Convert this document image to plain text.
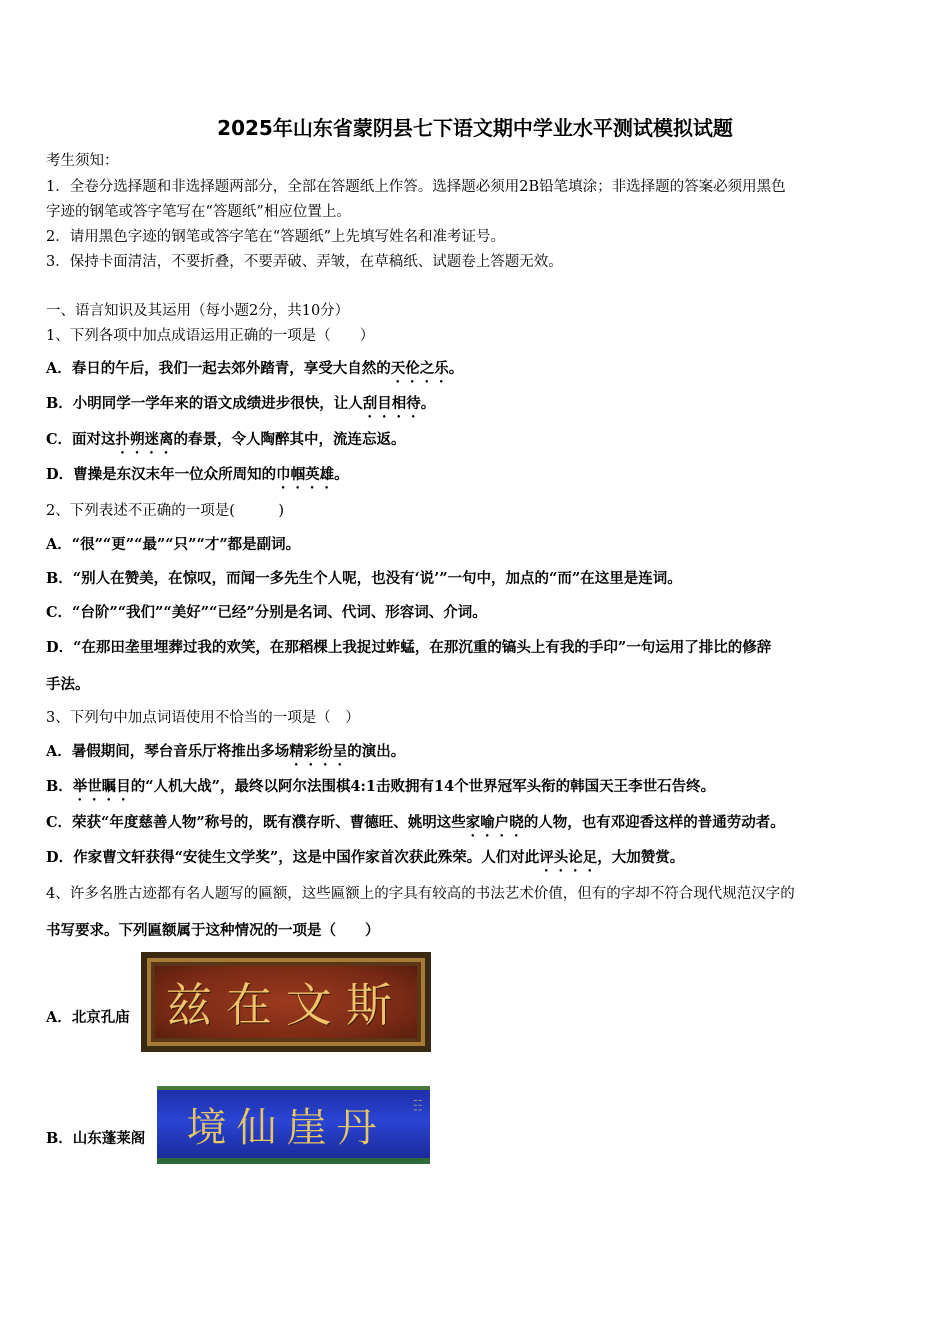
2025年山东省蒙阴县七下语文期中学业水平测试模拟试题
考生须知：
1．全卷分选择题和非选择题两部分，全部在答题纸上作答。选择题必须用2B铅笔填涂；非选择题的答案必须用黑色
字迹的钢笔或答字笔写在“答题纸”相应位置上。
2．请用黑色字迹的钢笔或答字笔在“答题纸”上先填写姓名和准考证号。
3．保持卡面清洁，不要折叠，不要弄破、弄皱，在草稿纸、试题卷上答题无效。
一、语言知识及其运用（每小题2分，共10分）
1、下列各项中加点成语运用正确的一项是（　　）
A．春日的午后，我们一起去郊外踏青，享受大自然的天伦之乐。
B．小明同学一学年来的语文成绩进步很快，让人刮目相待。
C．面对这扑朔迷离的春景，令人陶醉其中，流连忘返。
D．曹操是东汉末年一位众所周知的巾帼英雄。
2、下列表述不正确的一项是(　　　)
A．“很”“更”“最”“只”“才”都是副词。
B．“别人在赞美，在惊叹，而闻一多先生个人呢，也没有‘说’”一句中，加点的“而”在这里是连词。
C．“台阶”“我们”“美好”“已经”分别是名词、代词、形容词、介词。
D．“在那田垄里埋葬过我的欢笑，在那稻棵上我捉过蚱蜢，在那沉重的镐头上有我的手印”一句运用了排比的修辞
手法。
3、下列句中加点词语使用不恰当的一项是（　）
A．暑假期间，琴台音乐厅将推出多场精彩纷呈的演出。
B．举世瞩目的“人机大战”，最终以阿尔法围棋4:1击败拥有14个世界冠军头衔的韩国天王李世石告终。
C．荣获“年度慈善人物”称号的，既有濮存昕、曹德旺、姚明这些家喻户晓的人物，也有邓迎香这样的普通劳动者。
D．作家曹文轩获得“安徒生文学奖”，这是中国作家首次获此殊荣。人们对此评头论足，大加赞赏。
4、许多名胜古迹都有名人题写的匾额，这些匾额上的字具有较高的书法艺术价值，但有的字却不符合现代规范汉字的
书写要求。下列匾额属于这种情况的一项是（　　）
A．北京孔庙 兹在文斯
B．山东蓬莱阁 境仙崖丹	╎╎╎
